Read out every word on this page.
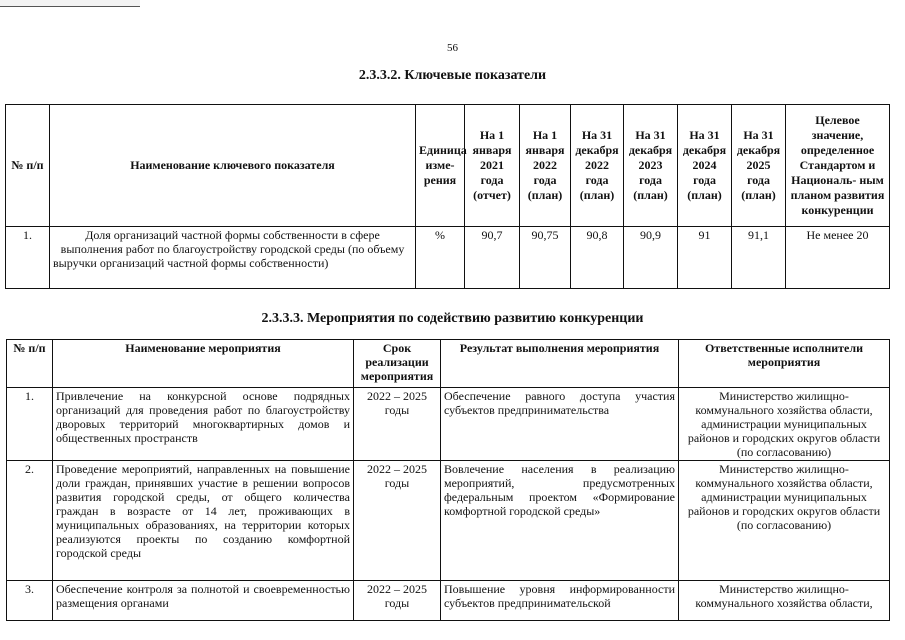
56
2.3.3.2. Ключевые показатели
№ п/п	Наименование ключевого показателя	Единица изме- рения	На 1 января 2021 года (отчет)	На 1 января 2022 года (план)	На 31 декабря 2022 года (план)	На 31 декабря 2023 года (план)	На 31 декабря 2024 года (план)	На 31 декабря 2025 года (план)	Целевое значение, определенное Стандартом и Националь- ным планом развития конкуренции
1.	Доля организаций частной формы собственности в сфере выполнения работ по благоустройству городской среды (по объему выручки организаций частной формы собственности)	%	90,7	90,75	90,8	90,9	91	91,1	Не менее 20
2.3.3.3. Мероприятия по содействию развитию конкуренции
№ п/п	Наименование мероприятия	Срок реализации мероприятия	Результат выполнения мероприятия	Ответственные исполнители мероприятия
1.	Привлечение на конкурсной основе подрядных организаций для проведения работ по благоустройству дворовых территорий многоквартирных домов и общественных пространств	2022 – 2025 годы	Обеспечение равного доступа участия субъектов предпринимательства	Министерство жилищно-коммунального хозяйства области, администрации муниципальных районов и городских округов области (по согласованию)
2.	Проведение мероприятий, направленных на повышение доли граждан, принявших участие в решении вопросов развития городской среды, от общего количества граждан в возрасте от 14 лет, проживающих в муниципальных образованиях, на территории которых реализуются проекты по созданию комфортной городской среды	2022 – 2025 годы	Вовлечение населения в реализацию мероприятий, предусмотренных федеральным проектом «Формирование комфортной городской среды»	Министерство жилищно-коммунального хозяйства области, администрации муниципальных районов и городских округов области (по согласованию)
3.	Обеспечение контроля за полнотой и своевременностью размещения органами	2022 – 2025 годы	Повышение уровня информированности субъектов предпринимательской	Министерство жилищно-коммунального хозяйства области,
